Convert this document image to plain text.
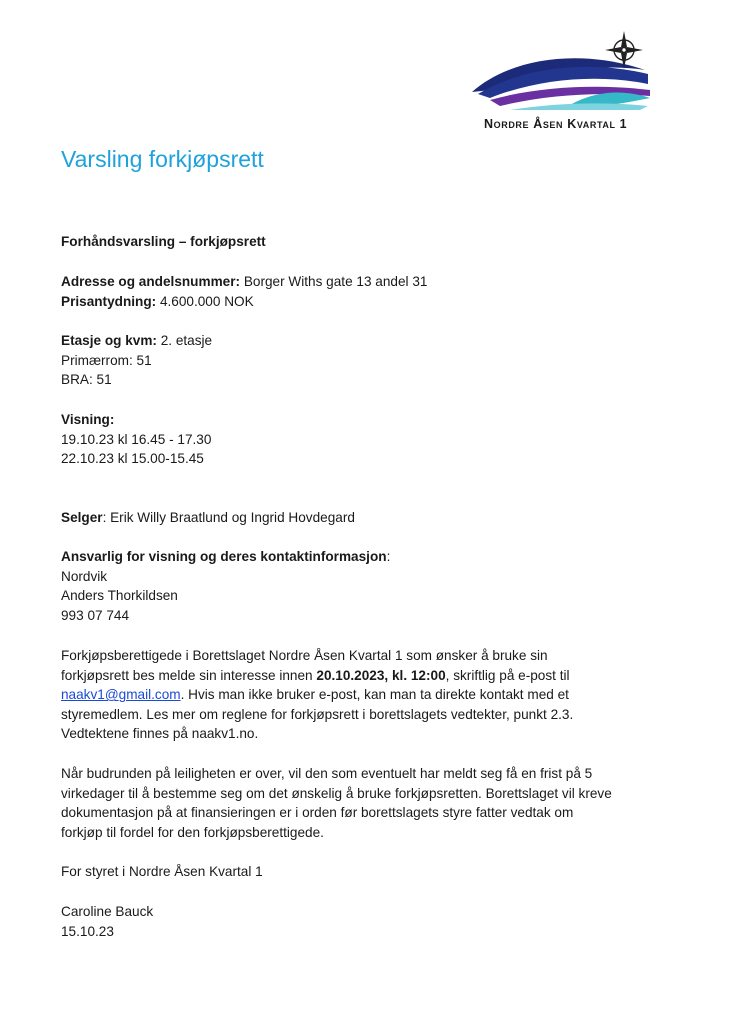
Nordre Åsen Kvartal 1
Varsling forkjøpsrett

Forhåndsvarsling – forkjøpsrett

Adresse og andelsnummer: Borger Withs gate 13 andel 31

Prisantydning: 4.600.000 NOK

Etasje og kvm: 2. etasje

Primærrom: 51

BRA: 51

Visning:

19.10.23 kl 16.45 - 17.30

22.10.23 kl 15.00-15.45

Selger: Erik Willy Braatlund og Ingrid Hovdegard

Ansvarlig for visning og deres kontaktinformasjon:

Nordvik

Anders Thorkildsen

993 07 744

Forkjøpsberettigede i Borettslaget Nordre Åsen Kvartal 1 som ønsker å bruke sin

forkjøpsrett bes melde sin interesse innen 20.10.2023, kl. 12:00, skriftlig på e-post til

naakv1@gmail.com. Hvis man ikke bruker e-post, kan man ta direkte kontakt med et

styremedlem. Les mer om reglene for forkjøpsrett i borettslagets vedtekter, punkt 2.3.

Vedtektene finnes på naakv1.no.

Når budrunden på leiligheten er over, vil den som eventuelt har meldt seg få en frist på 5

virkedager til å bestemme seg om det ønskelig å bruke forkjøpsretten. Borettslaget vil kreve

dokumentasjon på at finansieringen er i orden før borettslagets styre fatter vedtak om

forkjøp til fordel for den forkjøpsberettigede.

For styret i Nordre Åsen Kvartal 1

Caroline Bauck

15.10.23
